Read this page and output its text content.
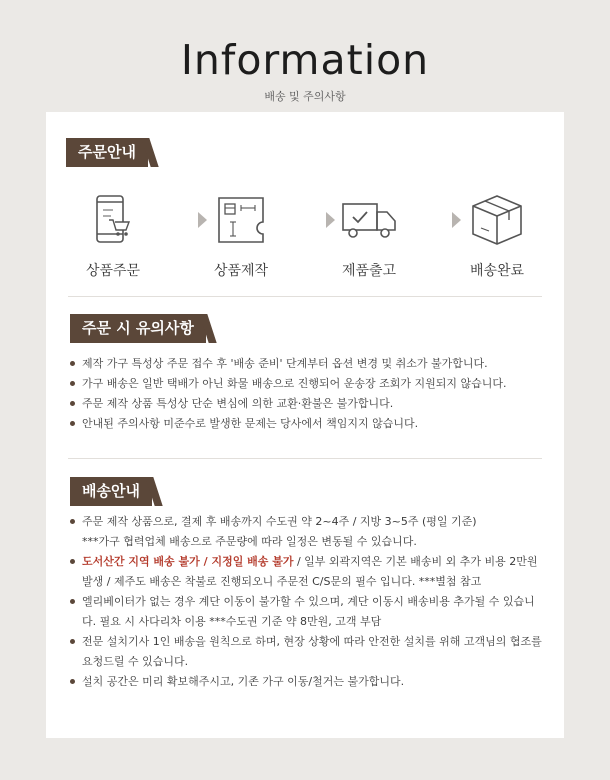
Information
배송 및 주의사항
주문안내
상품주문	상품제작	제품출고	배송완료
주문 시 유의사항
제작 가구 특성상 주문 접수 후 '배송 준비' 단계부터 옵션 변경 및 취소가 불가합니다.
가구 배송은 일반 택배가 아닌 화물 배송으로 진행되어 운송장 조회가 지원되지 않습니다.
주문 제작 상품 특성상 단순 변심에 의한 교환·환불은 불가합니다.
안내된 주의사항 미준수로 발생한 문제는 당사에서 책임지지 않습니다.
배송안내
주문 제작 상품으로, 결제 후 배송까지 수도권 약 2~4주 / 지방 3~5주 (평일 기준)
***가구 협력업체 배송으로 주문량에 따라 일정은 변동될 수 있습니다.
도서산간 지역 배송 불가 / 지정일 배송 불가 / 일부 외곽지역은 기본 배송비 외 추가 비용 2만원 발생 / 제주도 배송은 착불로 진행되오니 주문전 C/S문의 필수 입니다. ***별첨 참고
엘리베이터가 없는 경우 계단 이동이 불가할 수 있으며, 계단 이동시 배송비용 추가될 수 있습니다. 필요 시 사다리차 이용 ***수도권 기준 약 8만원, 고객 부담
전문 설치기사 1인 배송을 원칙으로 하며, 현장 상황에 따라 안전한 설치를 위해 고객님의 협조를 요청드릴 수 있습니다.
설치 공간은 미리 확보해주시고, 기존 가구 이동/철거는 불가합니다.
